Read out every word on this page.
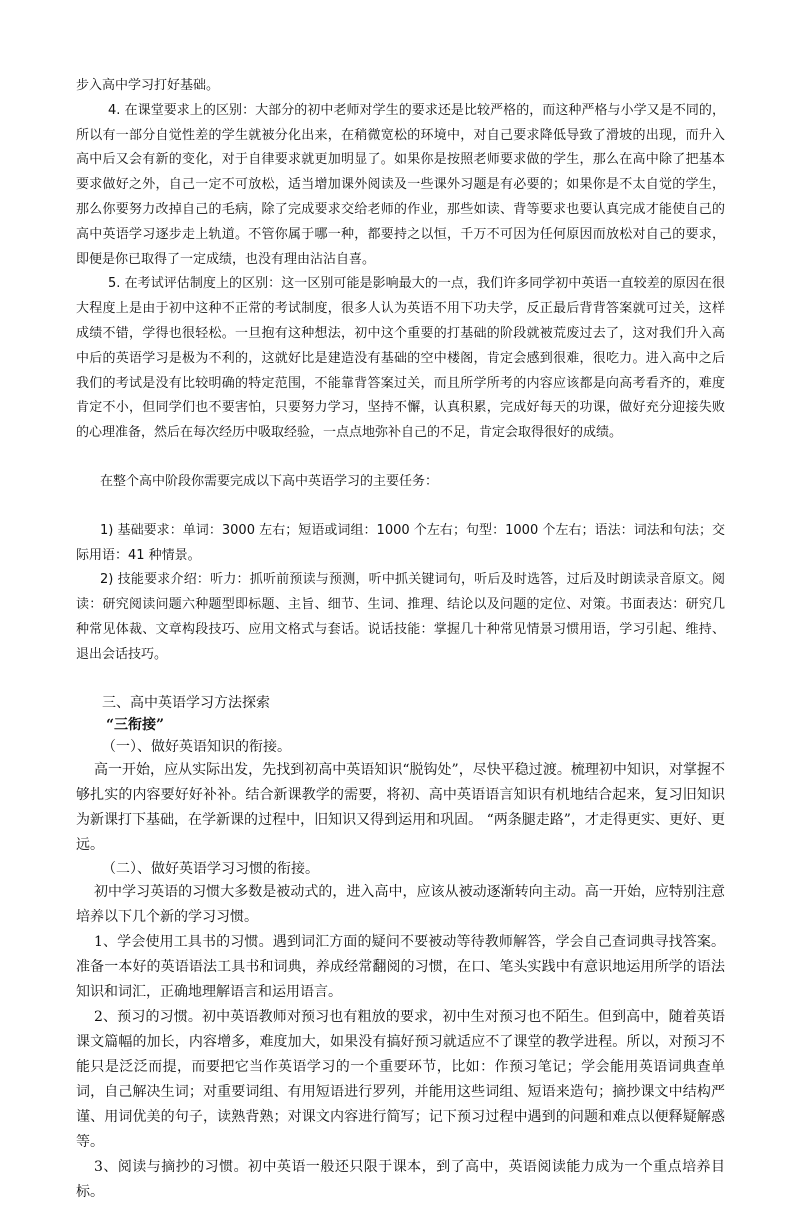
步入高中学习打好基础。

4. 在课堂要求上的区别：大部分的初中老师对学生的要求还是比较严格的，而这种严格与小学又是不同的，所以有一部分自觉性差的学生就被分化出来，在稍微宽松的环境中，对自己要求降低导致了滑坡的出现，而升入高中后又会有新的变化，对于自律要求就更加明显了。如果你是按照老师要求做的学生，那么在高中除了把基本要求做好之外，自己一定不可放松，适当增加课外阅读及一些课外习题是有必要的；如果你是不太自觉的学生，那么你要努力改掉自己的毛病，除了完成要求交给老师的作业，那些如读、背等要求也要认真完成才能使自己的高中英语学习逐步走上轨道。不管你属于哪一种，都要持之以恒，千万不可因为任何原因而放松对自己的要求，即便是你已取得了一定成绩，也没有理由沾沾自喜。

5. 在考试评估制度上的区别：这一区别可能是影响最大的一点，我们许多同学初中英语一直较差的原因在很大程度上是由于初中这种不正常的考试制度，很多人认为英语不用下功夫学，反正最后背背答案就可过关，这样成绩不错，学得也很轻松。一旦抱有这种想法，初中这个重要的打基础的阶段就被荒废过去了，这对我们升入高中后的英语学习是极为不利的，这就好比是建造没有基础的空中楼阁，肯定会感到很难，很吃力。进入高中之后我们的考试是没有比较明确的特定范围，不能靠背答案过关，而且所学所考的内容应该都是向高考看齐的，难度肯定不小，但同学们也不要害怕，只要努力学习，坚持不懈，认真积累，完成好每天的功课，做好充分迎接失败的心理准备，然后在每次经历中吸取经验，一点点地弥补自己的不足，肯定会取得很好的成绩。

在整个高中阶段你需要完成以下高中英语学习的主要任务：

1) 基础要求：单词：3000 左右；短语或词组：1000 个左右；句型：1000 个左右；语法：词法和句法；交际用语：41 种情景。

2) 技能要求介绍：听力：抓听前预读与预测，听中抓关键词句，听后及时选答，过后及时朗读录音原文。阅读：研究阅读问题六种题型即标题、主旨、细节、生词、推理、结论以及问题的定位、对策。书面表达：研究几种常见体裁、文章构段技巧、应用文格式与套话。说话技能：掌握几十种常见情景习惯用语，学习引起、维持、退出会话技巧。

三、高中英语学习方法探索

“三衔接”

（一）、做好英语知识的衔接。

高一开始，应从实际出发，先找到初高中英语知识“脱钩处”，尽快平稳过渡。梳理初中知识，对掌握不够扎实的内容要好好补补。结合新课教学的需要，将初、高中英语语言知识有机地结合起来，复习旧知识为新课打下基础，在学新课的过程中，旧知识又得到运用和巩固。 “两条腿走路”，才走得更实、更好、更远。

（二）、做好英语学习习惯的衔接。

初中学习英语的习惯大多数是被动式的，进入高中，应该从被动逐渐转向主动。高一开始，应特别注意培养以下几个新的学习习惯。

1、学会使用工具书的习惯。遇到词汇方面的疑问不要被动等待教师解答，学会自己查词典寻找答案。准备一本好的英语语法工具书和词典，养成经常翻阅的习惯，在口、笔头实践中有意识地运用所学的语法知识和词汇，正确地理解语言和运用语言。

2、预习的习惯。初中英语教师对预习也有粗放的要求，初中生对预习也不陌生。但到高中，随着英语课文篇幅的加长，内容增多，难度加大，如果没有搞好预习就适应不了课堂的教学进程。所以，对预习不能只是泛泛而提，而要把它当作英语学习的一个重要环节，比如：作预习笔记；学会能用英语词典查单词，自己解决生词；对重要词组、有用短语进行罗列，并能用这些词组、短语来造句；摘抄课文中结构严谨、用词优美的句子，读熟背熟；对课文内容进行简写；记下预习过程中遇到的问题和难点以便释疑解惑等。

3、阅读与摘抄的习惯。初中英语一般还只限于课本，到了高中，英语阅读能力成为一个重点培养目标。
